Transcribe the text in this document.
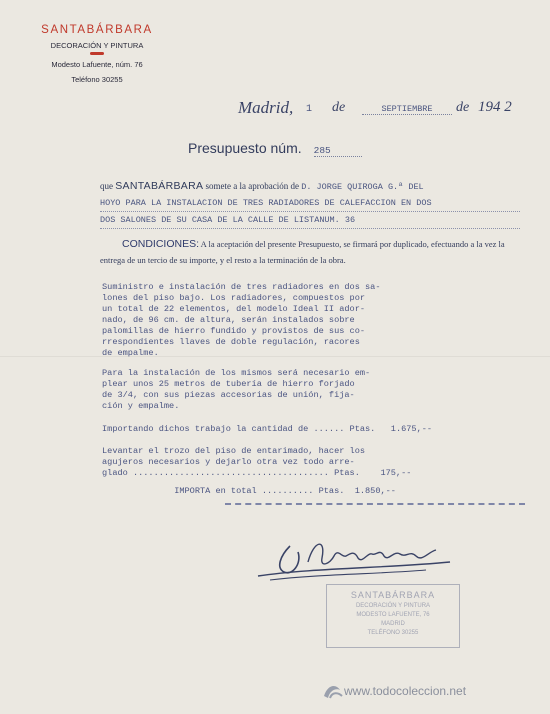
SANTABÁRBARA
DECORACIÓN Y PINTURA
Modesto Lafuente, núm. 76
Teléfono 30255
Madrid, 1 de	SEPTIEMBRE	de 194 2
Presupuesto núm. 285
que SANTABÁRBARA somete a la aprobación de D. JORGE QUIROGA G.ª DEL
HOYO PARA LA INSTALACION DE TRES RADIADORES DE CALEFACCION EN DOS
DOS SALONES DE SU CASA DE LA CALLE DE LISTANUM. 36
CONDICIONES: A la aceptación del presente Presupuesto, se firmará por duplicado, efectuando a la vez la entrega de un tercio de su importe, y el resto a la terminación de la obra.
Suministro e instalación de tres radiadores en dos sa-
lones del piso bajo. Los radiadores, compuestos por
un total de 22 elementos, del modelo Ideal II ador-
nado, de 96 cm. de altura, serán instalados sobre
palomillas de hierro fundido y provistos de sus co-
rrespondientes llaves de doble regulación, racores
de empalme.
Para la instalación de los mismos será necesario em-
plear unos 25 metros de tubería de hierro forjado
de 3/4, con sus piezas accesorias de unión, fija-
ción y empalme.
Importando dichos trabajo la cantidad de ...... Ptas.   1.675,--
Levantar el trozo del piso de entarimado, hacer los
agujeros necesarios y dejarlo otra vez todo arre-
glado ...................................... Ptas.    175,--
IMPORTA en total .......... Ptas.  1.850,--
SANTABÁRBARA
DECORACIÓN Y PINTURA
MODESTO LAFUENTE, 76
MADRID
TELÉFONO 30255
www.todocoleccion.net
